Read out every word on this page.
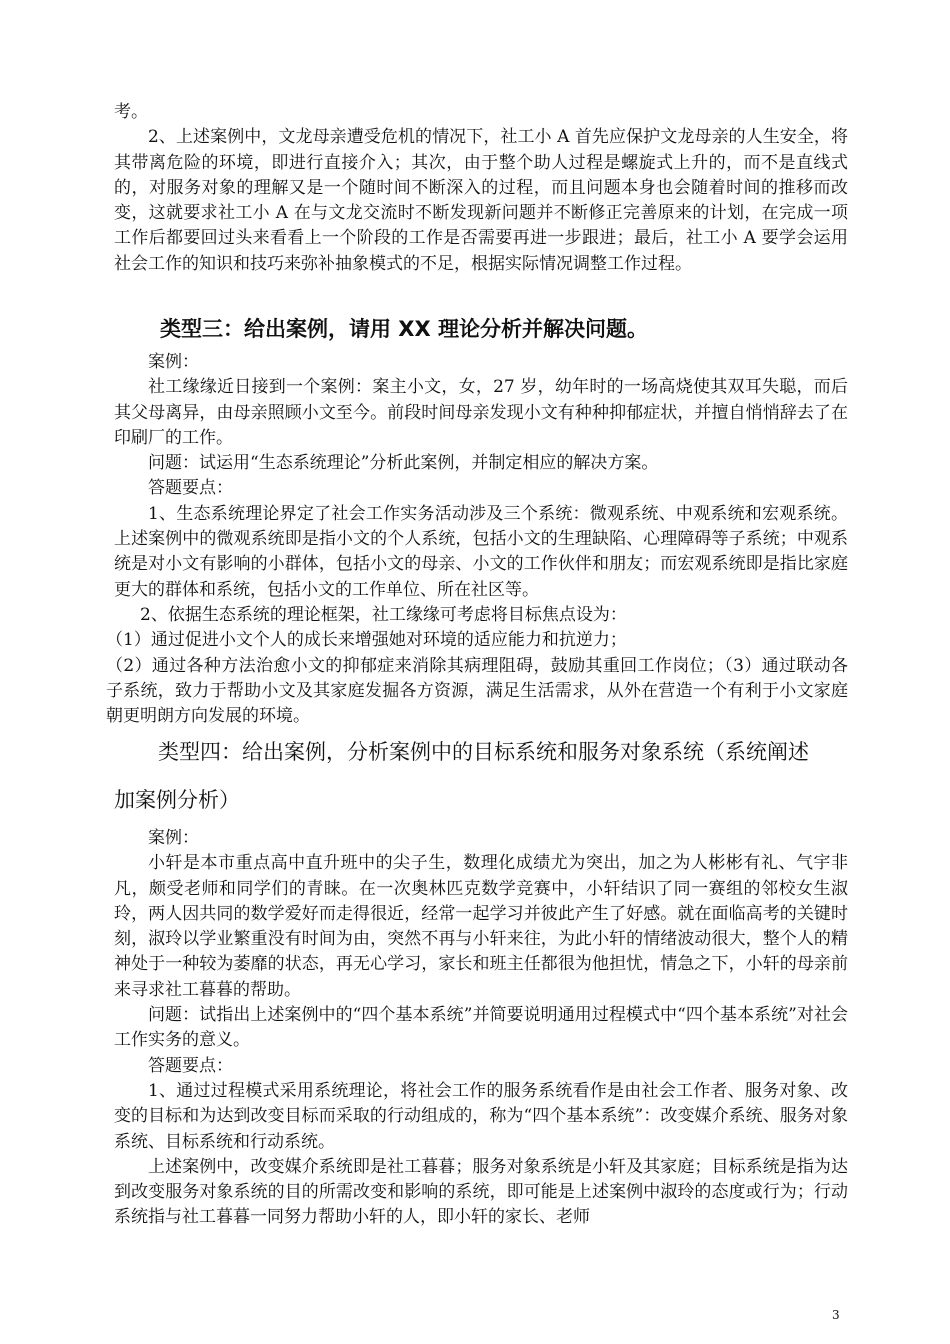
考。

2、上述案例中，文龙母亲遭受危机的情况下，社工小 A 首先应保护文龙母亲的人生安全，将其带离危险的环境，即进行直接介入；其次，由于整个助人过程是螺旋式上升的，而不是直线式的，对服务对象的理解又是一个随时间不断深入的过程，而且问题本身也会随着时间的推移而改变，这就要求社工小 A 在与文龙交流时不断发现新问题并不断修正完善原来的计划，在完成一项工作后都要回过头来看看上一个阶段的工作是否需要再进一步跟进；最后，社工小 A 要学会运用社会工作的知识和技巧来弥补抽象模式的不足，根据实际情况调整工作过程。

类型三：给出案例，请用 XX 理论分析并解决问题。

案例：

社工缘缘近日接到一个案例：案主小文，女，27 岁，幼年时的一场高烧使其双耳失聪，而后其父母离异，由母亲照顾小文至今。前段时间母亲发现小文有种种抑郁症状，并擅自悄悄辞去了在印刷厂的工作。

问题：试运用“生态系统理论”分析此案例，并制定相应的解决方案。

答题要点：

1、生态系统理论界定了社会工作实务活动涉及三个系统：微观系统、中观系统和宏观系统。上述案例中的微观系统即是指小文的个人系统，包括小文的生理缺陷、心理障碍等子系统；中观系统是对小文有影响的小群体，包括小文的母亲、小文的工作伙伴和朋友；而宏观系统即是指比家庭更大的群体和系统，包括小文的工作单位、所在社区等。

2、依据生态系统的理论框架，社工缘缘可考虑将目标焦点设为：

（1）通过促进小文个人的成长来增强她对环境的适应能力和抗逆力；

（2）通过各种方法治愈小文的抑郁症来消除其病理阻碍，鼓励其重回工作岗位；（3）通过联动各子系统，致力于帮助小文及其家庭发掘各方资源，满足生活需求，从外在营造一个有利于小文家庭朝更明朗方向发展的环境。

类型四：给出案例，分析案例中的目标系统和服务对象系统（系统阐述
加案例分析）

案例：

小轩是本市重点高中直升班中的尖子生，数理化成绩尤为突出，加之为人彬彬有礼、气宇非凡，颇受老师和同学们的青睐。在一次奥林匹克数学竞赛中，小轩结识了同一赛组的邻校女生淑玲，两人因共同的数学爱好而走得很近，经常一起学习并彼此产生了好感。就在面临高考的关键时刻，淑玲以学业繁重没有时间为由，突然不再与小轩来往，为此小轩的情绪波动很大，整个人的精神处于一种较为萎靡的状态，再无心学习，家长和班主任都很为他担忧，情急之下，小轩的母亲前来寻求社工暮暮的帮助。

问题：试指出上述案例中的“四个基本系统”并简要说明通用过程模式中“四个基本系统”对社会工作实务的意义。

答题要点：

1、通过过程模式采用系统理论，将社会工作的服务系统看作是由社会工作者、服务对象、改变的目标和为达到改变目标而采取的行动组成的，称为“四个基本系统”：改变媒介系统、服务对象系统、目标系统和行动系统。

上述案例中，改变媒介系统即是社工暮暮；服务对象系统是小轩及其家庭；目标系统是指为达到改变服务对象系统的目的所需改变和影响的系统，即可能是上述案例中淑玲的态度或行为；行动系统指与社工暮暮一同努力帮助小轩的人，即小轩的家长、老师

3
